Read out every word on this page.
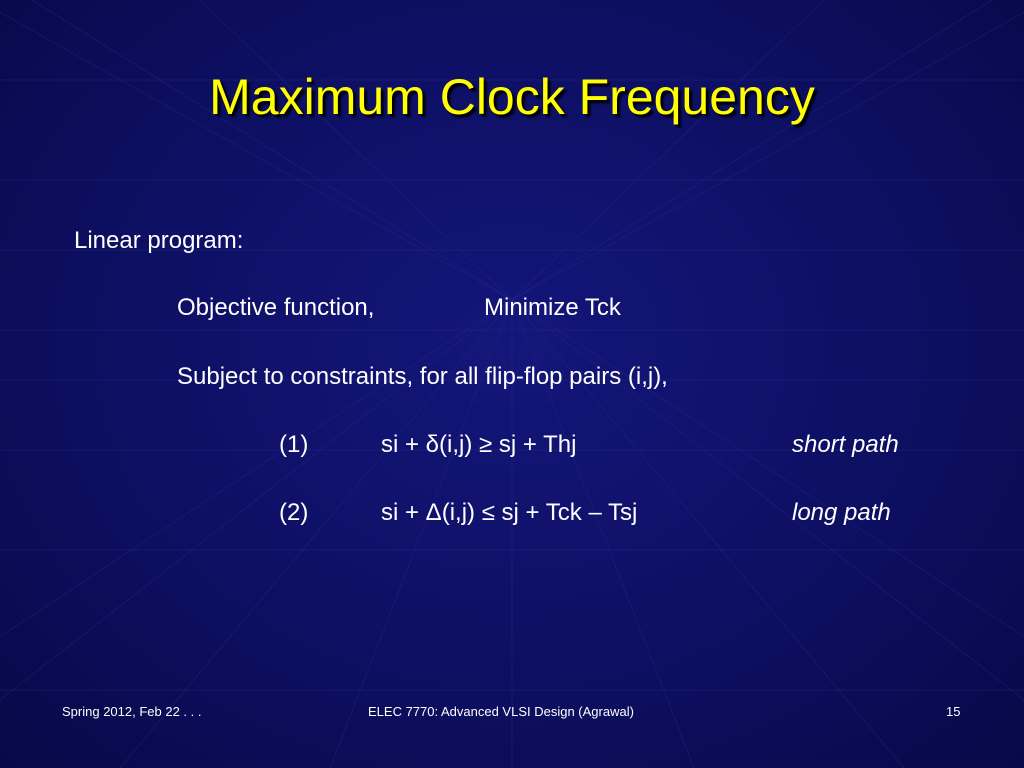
Maximum Clock Frequency
Linear program:
Objective function,	Minimize Tck
Subject to constraints, for all flip-flop pairs (i,j),
(1)	si + δ(i,j) ≥ sj + Thj	short path
(2)	si + Δ(i,j) ≤ sj + Tck – Tsj	long path
Spring 2012, Feb 22 . . .	ELEC 7770: Advanced VLSI Design (Agrawal)	15
